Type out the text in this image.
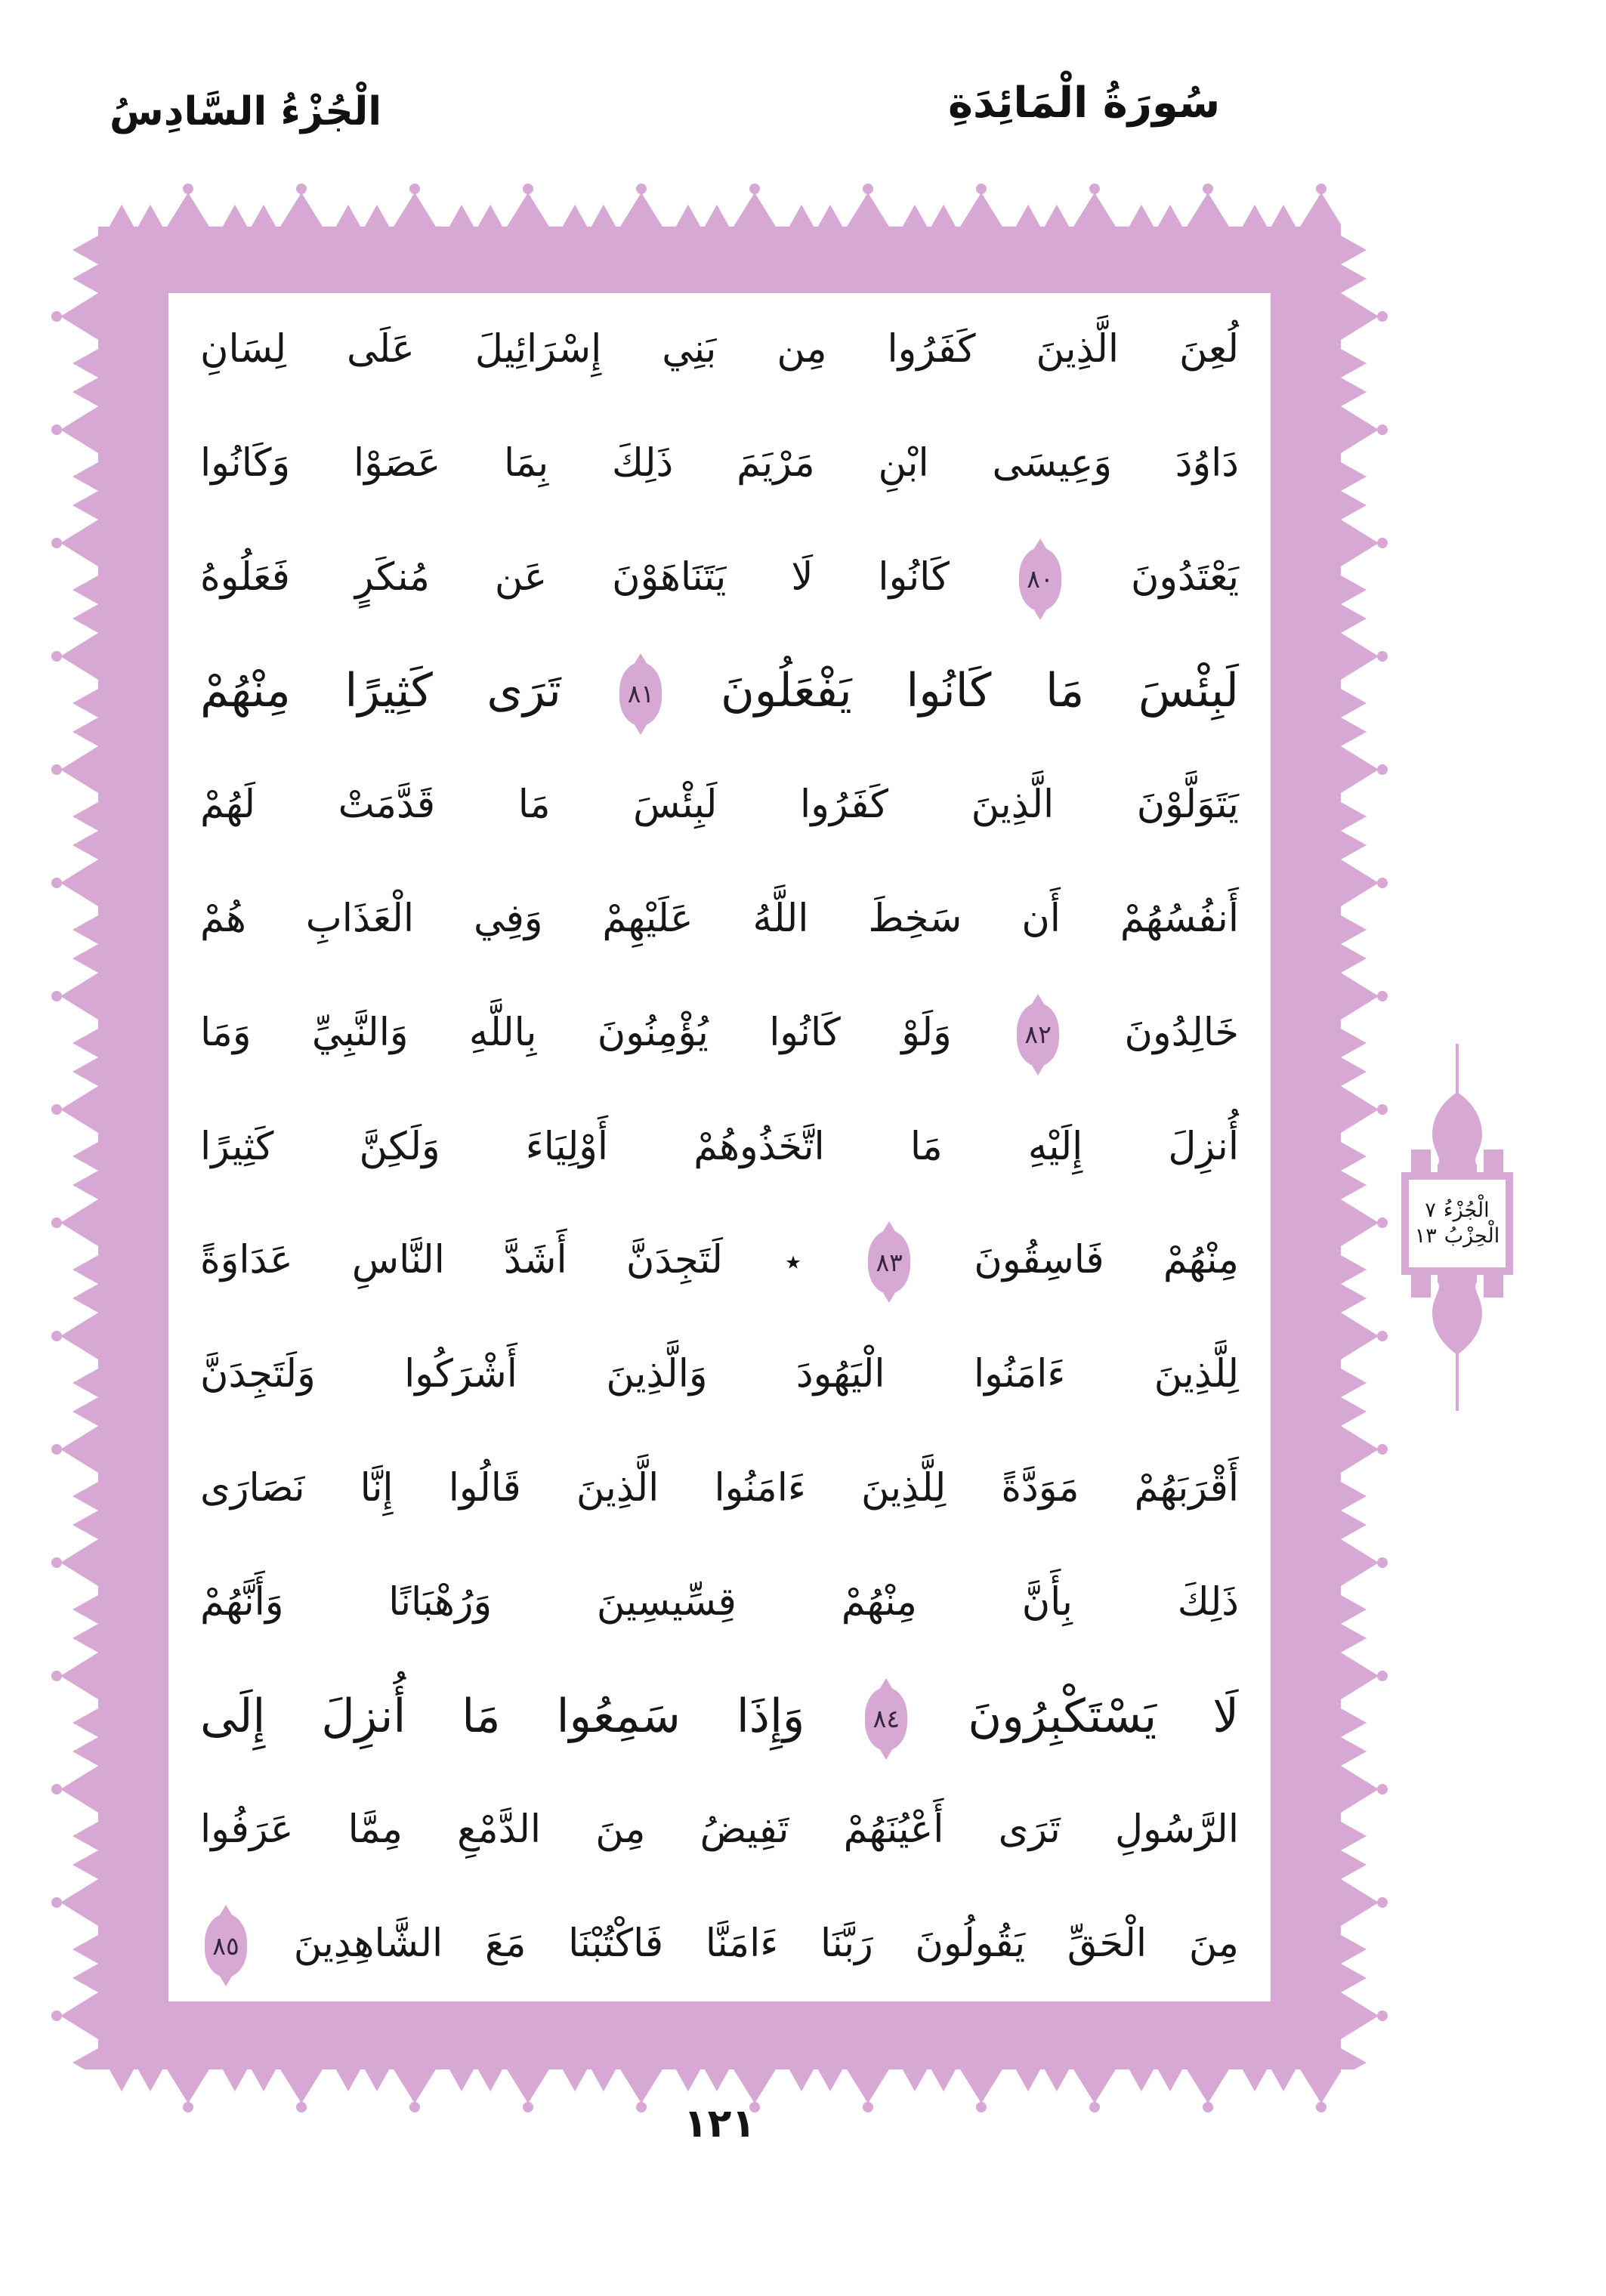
الْجُزْءُ السَّادِسُ	سُورَةُ الْمَائِدَةِ
لُعِنَ الَّذِينَ كَفَرُوا مِن بَنِي إِسْرَائِيلَ عَلَى لِسَانِ
دَاوُدَ وَعِيسَى ابْنِ مَرْيَمَ ذَلِكَ بِمَا عَصَوْا وَكَانُوا
يَعْتَدُونَ
٨٠
كَانُوا لَا يَتَنَاهَوْنَ عَن مُنكَرٍ فَعَلُوهُ
لَبِئْسَ مَا كَانُوا يَفْعَلُونَ
٨١
تَرَى كَثِيرًا مِنْهُمْ
يَتَوَلَّوْنَ الَّذِينَ كَفَرُوا لَبِئْسَ مَا قَدَّمَتْ لَهُمْ
أَنفُسُهُمْ أَن سَخِطَ اللَّهُ عَلَيْهِمْ وَفِي الْعَذَابِ هُمْ
خَالِدُونَ
٨٢
وَلَوْ كَانُوا يُؤْمِنُونَ بِاللَّهِ وَالنَّبِيِّ وَمَا
أُنزِلَ إِلَيْهِ مَا اتَّخَذُوهُمْ أَوْلِيَاءَ وَلَكِنَّ كَثِيرًا
مِنْهُمْ فَاسِقُونَ
٨٣
٭ لَتَجِدَنَّ أَشَدَّ النَّاسِ عَدَاوَةً
لِلَّذِينَ ءَامَنُوا الْيَهُودَ وَالَّذِينَ أَشْرَكُوا وَلَتَجِدَنَّ
أَقْرَبَهُمْ مَوَدَّةً لِلَّذِينَ ءَامَنُوا الَّذِينَ قَالُوا إِنَّا نَصَارَى
ذَلِكَ بِأَنَّ مِنْهُمْ قِسِّيسِينَ وَرُهْبَانًا وَأَنَّهُمْ
لَا يَسْتَكْبِرُونَ
٨٤
وَإِذَا سَمِعُوا مَا أُنزِلَ إِلَى
الرَّسُولِ تَرَى أَعْيُنَهُمْ تَفِيضُ مِنَ الدَّمْعِ مِمَّا عَرَفُوا
مِنَ الْحَقِّ يَقُولُونَ رَبَّنَا ءَامَنَّا فَاكْتُبْنَا مَعَ الشَّاهِدِينَ
٨٥
الْجُزْءُ
٧
الْحِزْبُ
١٣
١٢١
